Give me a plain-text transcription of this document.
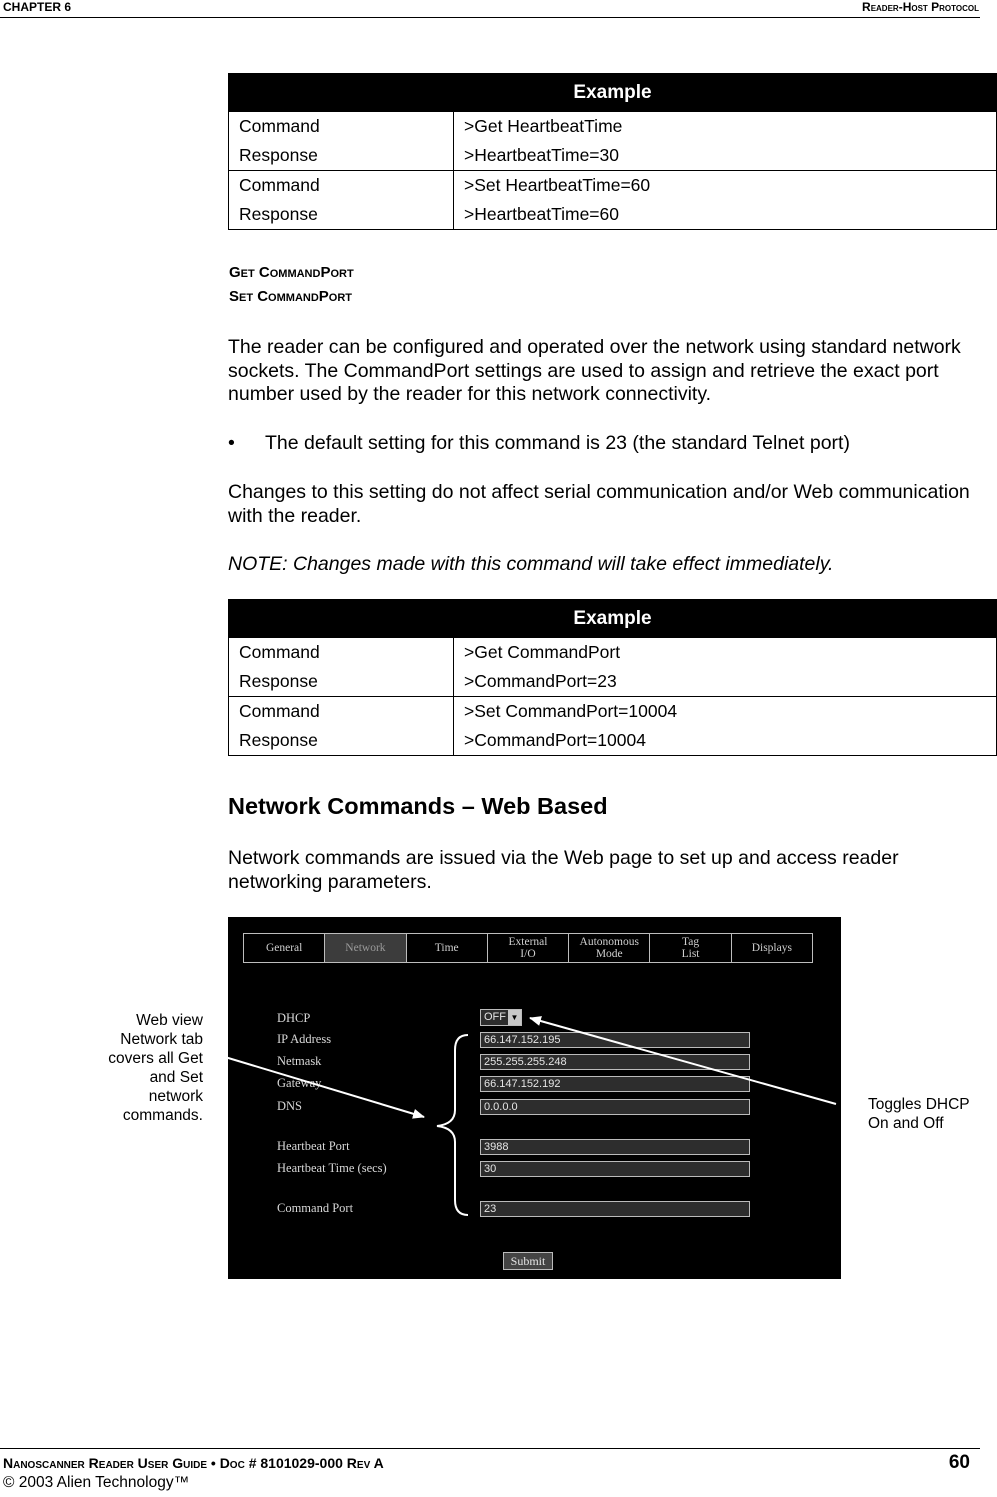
CHAPTER 6	Reader-Host Protocol
Example	
Command	>Get HeartbeatTime
Response	>HeartbeatTime=30
Command	>Set HeartbeatTime=60
Response	>HeartbeatTime=60
Get CommandPort
Set CommandPort
The reader can be configured and operated over the network using standard network sockets. The CommandPort settings are used to assign and retrieve the exact port number used by the reader for this network connectivity.
• The default setting for this command is 23 (the standard Telnet port)
Changes to this setting do not affect serial communication and/or Web communication with the reader.
NOTE: Changes made with this command will take effect immediately.
Example	
Command	>Get CommandPort
Response	>CommandPort=23
Command	>Set CommandPort=10004
Response	>CommandPort=10004
Network Commands – Web Based
Network commands are issued via the Web page to set up and access reader networking parameters.
General	Network	Time	External
I/O
Autonomous
Mode
Tag
List	Displays
DHCP	OFF ▼
IP Address	66.147.152.195
Netmask	255.255.255.248
Gateway	66.147.152.192
DNS	0.0.0.0
Heartbeat Port	3988
Heartbeat Time (secs)	30
Command Port	23
Submit
Web view
Network tab
covers all Get
and Set
network
commands.
Toggles DHCP
On and Off
Nanoscanner Reader User Guide • Doc # 8101029-000 Rev A	60
© 2003 Alien Technology™
